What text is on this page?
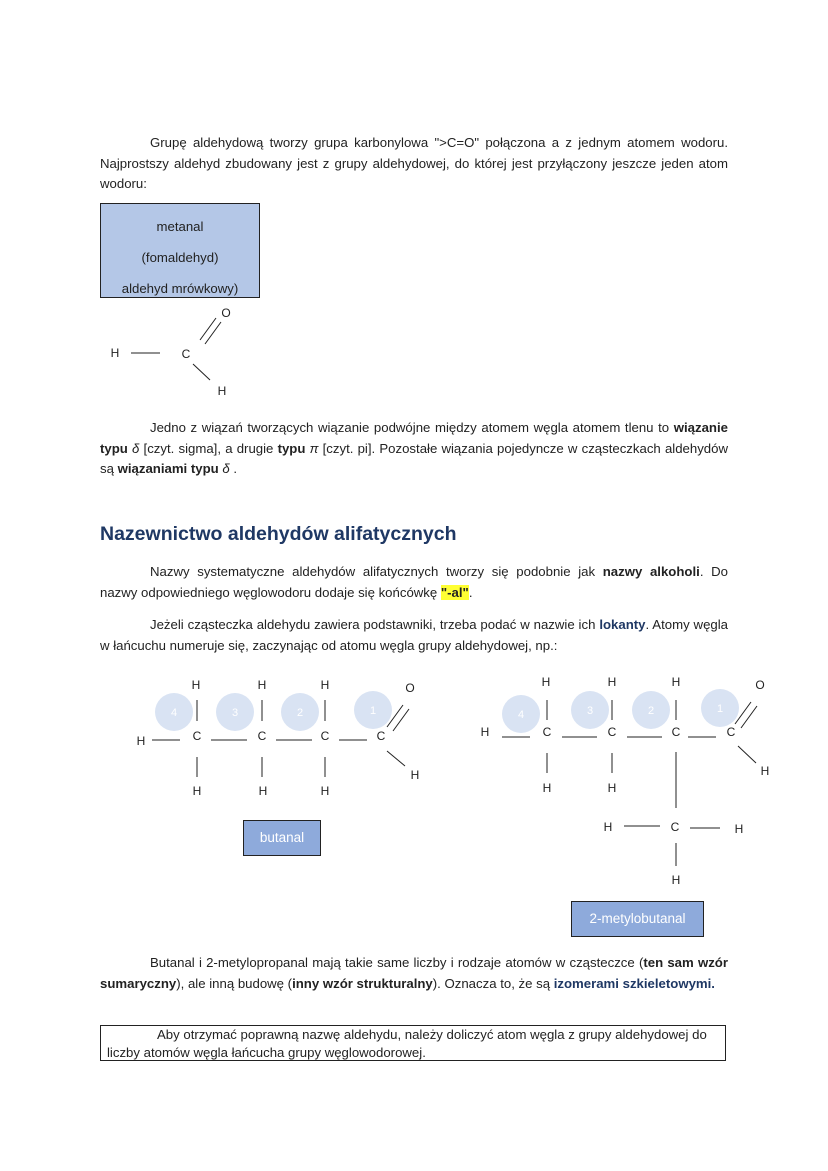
Grupę aldehydową tworzy grupa karbonylowa ">C=O" połączona a z jednym atomem wodoru. Najprostszy aldehyd zbudowany jest z grupy aldehydowej, do której jest przyłączony jeszcze jeden atom wodoru:

metanal
(fomaldehyd)
aldehyd mrówkowy)

Jedno z wiązań tworzących wiązanie podwójne między atomem węgla atomem tlenu to wiązanie typu δ [czyt. sigma], a drugie typu π [czyt. pi]. Pozostałe wiązania pojedyncze w cząsteczkach aldehydów są wiązaniami typu δ .

Nazewnictwo aldehydów alifatycznych

Nazwy systematyczne aldehydów alifatycznych tworzy się podobnie jak nazwy alkoholi. Do nazwy odpowiedniego węglowodoru dodaje się końcówkę "-al".

Jeżeli cząsteczka aldehydu zawiera podstawniki, trzeba podać w nazwie ich lokanty. Atomy węgla w łańcuchu numeruje się, zaczynając od atomu węgla grupy aldehydowej, np.:

H	C
O
H
4	3	2	1
H	C	C	C	C
H	H	H	O
H	H	H
H
4	3	2	1
H	C	C	C	C
H	H	H	O
H	H
H
H	C	H
H
butanal
2-metylobutanal

Butanal i 2-metylopropanal mają takie same liczby i rodzaje atomów w cząsteczce (ten sam wzór sumaryczny), ale inną budowę (inny wzór strukturalny). Oznacza to, że są izomerami szkieletowymi.

Aby otrzymać poprawną nazwę aldehydu, należy doliczyć atom węgla z grupy aldehydowej do liczby atomów węgla łańcucha grupy węglowodorowej.
